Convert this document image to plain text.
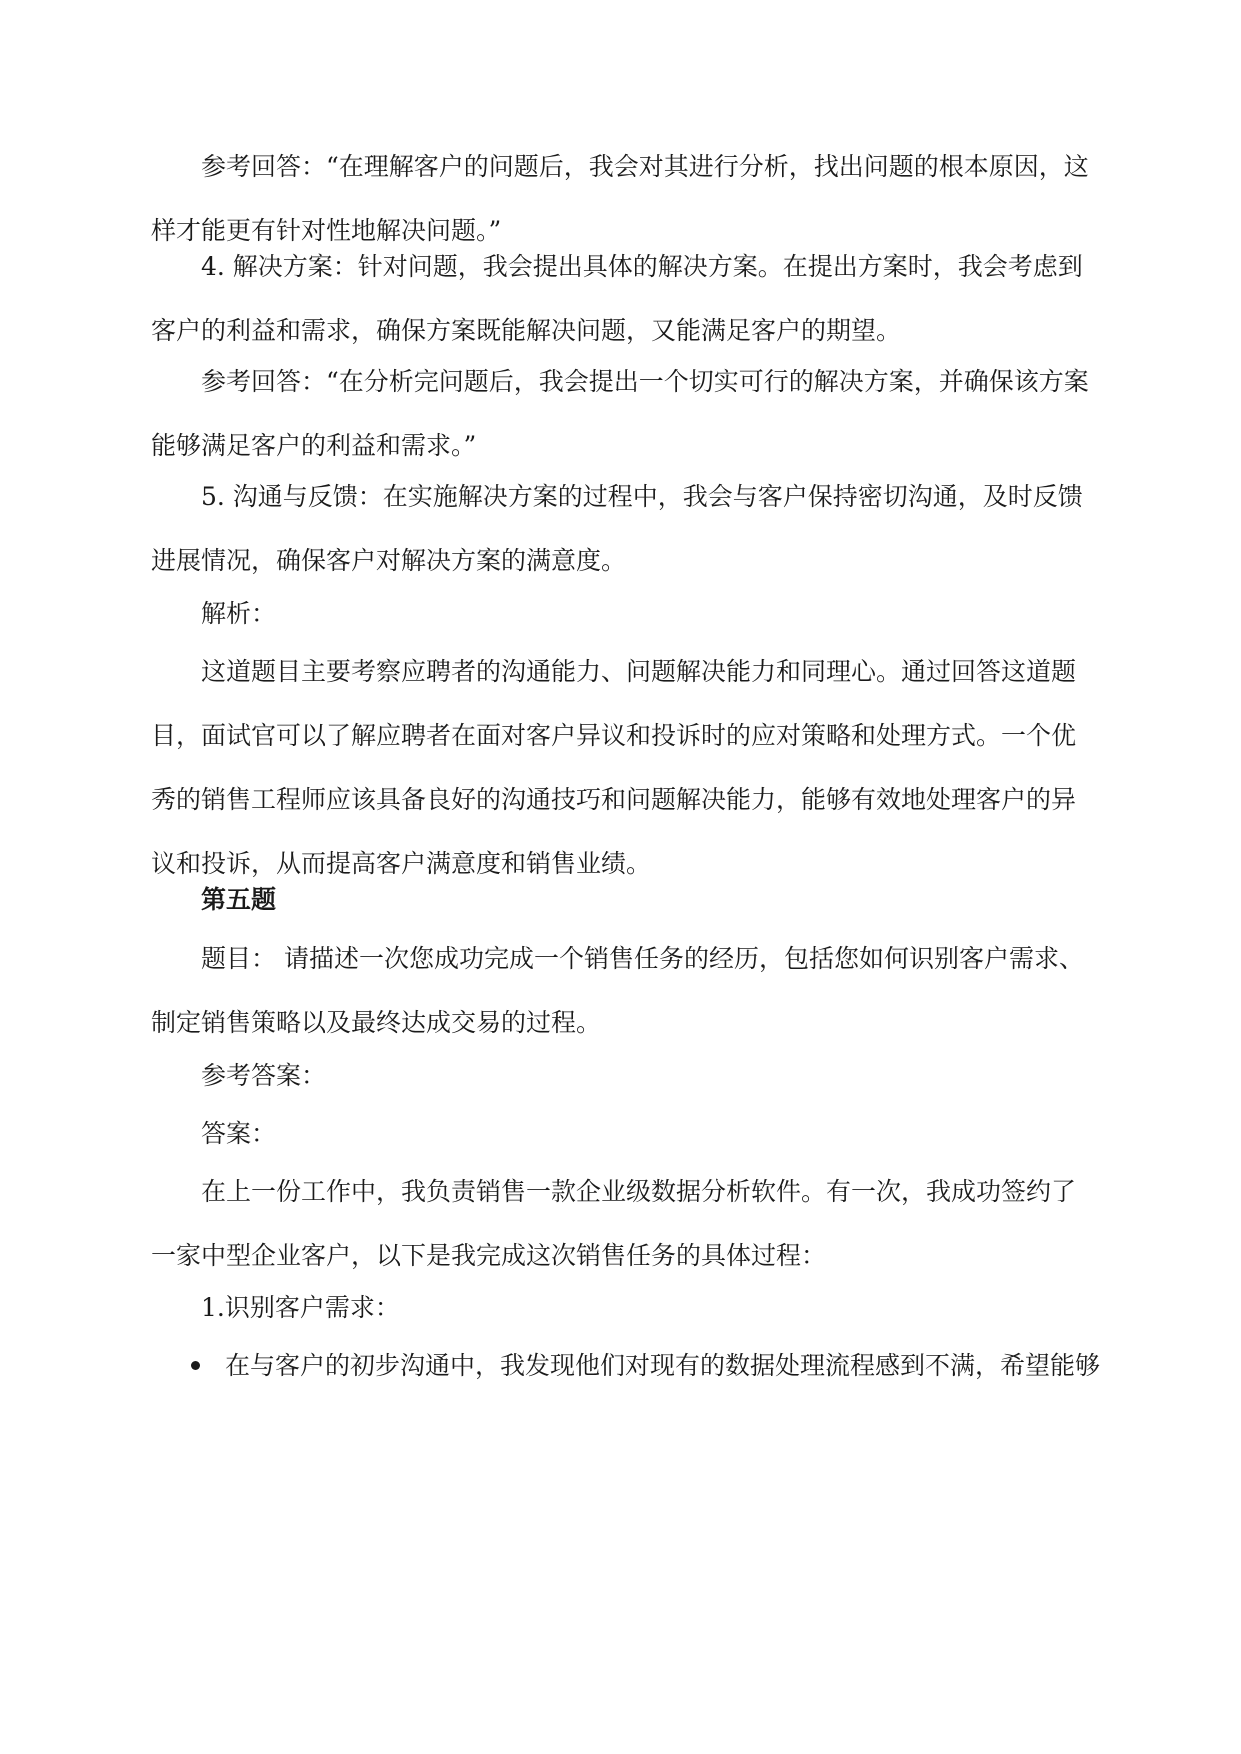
参考回答：“在理解客户的问题后，我会对其进行分析，找出问题的根本原因，这样才能更有针对性地解决问题。”

4. 解决方案：针对问题，我会提出具体的解决方案。在提出方案时，我会考虑到客户的利益和需求，确保方案既能解决问题，又能满足客户的期望。

参考回答：“在分析完问题后，我会提出一个切实可行的解决方案，并确保该方案能够满足客户的利益和需求。”

5. 沟通与反馈：在实施解决方案的过程中，我会与客户保持密切沟通，及时反馈进展情况，确保客户对解决方案的满意度。

解析：

这道题目主要考察应聘者的沟通能力、问题解决能力和同理心。通过回答这道题目，面试官可以了解应聘者在面对客户异议和投诉时的应对策略和处理方式。一个优秀的销售工程师应该具备良好的沟通技巧和问题解决能力，能够有效地处理客户的异议和投诉，从而提高客户满意度和销售业绩。

第五题

题目： 请描述一次您成功完成一个销售任务的经历，包括您如何识别客户需求、制定销售策略以及最终达成交易的过程。

参考答案：

答案：

在上一份工作中，我负责销售一款企业级数据分析软件。有一次，我成功签约了一家中型企业客户，以下是我完成这次销售任务的具体过程：

1.识别客户需求：

在与客户的初步沟通中，我发现他们对现有的数据处理流程感到不满，希望能够
